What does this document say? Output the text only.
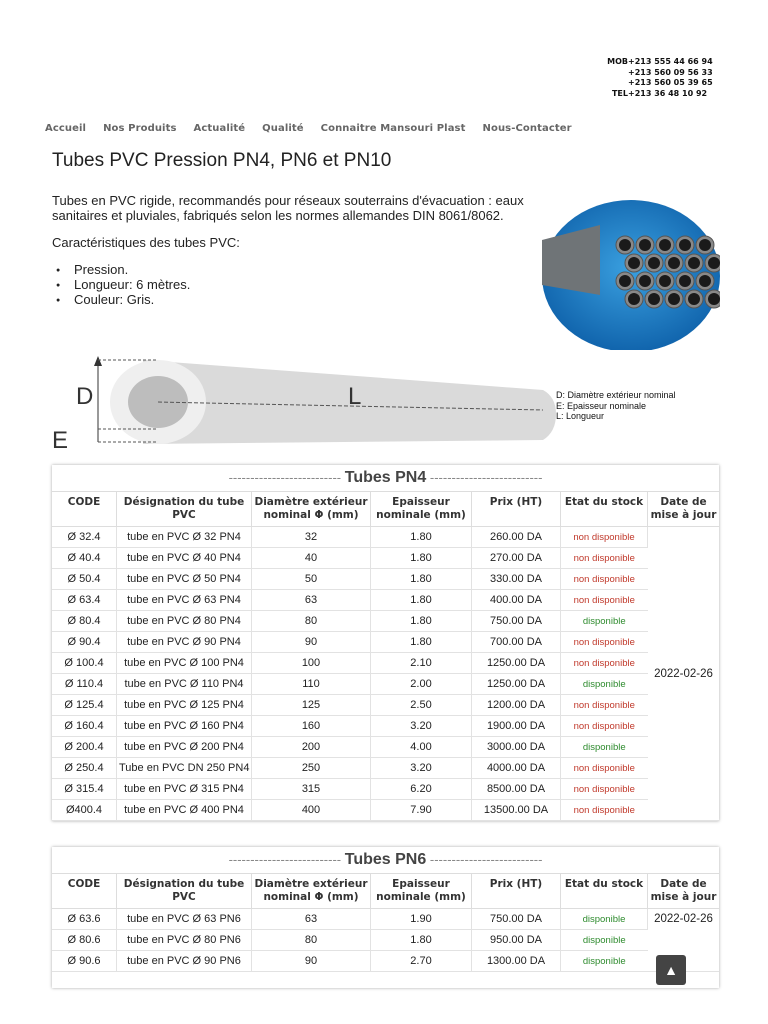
MOB +213 555 44 66 94
+213 560 09 56 33
+213 560 05 39 65
TEL +213 36 48 10 92
Accueil Nos Produits Actualité Qualité Connaitre Mansouri Plast Nous-Contacter
Tubes PVC Pression PN4, PN6 et PN10

Tubes en PVC rigide, recommandés pour réseaux souterrains d'évacuation : eaux sanitaires et pluviales, fabriqués selon les normes allemandes DIN 8061/8062.

Caractéristiques des tubes PVC:

● Pression.
● Longueur: 6 mètres.
● Couleur: Gris.
D
E
L	D: Diamètre extérieur nominal
E: Epaisseur nominale
L: Longueur
-------------------------- Tubes PN4 --------------------------
CODE	Désignation du tube PVC	Diamètre extérieur nominal Φ (mm)	Epaisseur nominale (mm)	Prix (HT)	Etat du stock	Date de mise à jour
Ø 32.4	tube en PVC Ø 32 PN4	32	1.80	260.00 DA	non disponible	2022-02-26
Ø 40.4	tube en PVC Ø 40 PN4	40	1.80	270.00 DA	non disponible	
Ø 50.4	tube en PVC Ø 50 PN4	50	1.80	330.00 DA	non disponible	
Ø 63.4	tube en PVC Ø 63 PN4	63	1.80	400.00 DA	non disponible	
Ø 80.4	tube en PVC Ø 80 PN4	80	1.80	750.00 DA	disponible	
Ø 90.4	tube en PVC Ø 90 PN4	90	1.80	700.00 DA	non disponible	
Ø 100.4	tube en PVC Ø 100 PN4	100	2.10	1250.00 DA	non disponible	
Ø 110.4	tube en PVC Ø 110 PN4	110	2.00	1250.00 DA	disponible	
Ø 125.4	tube en PVC Ø 125 PN4	125	2.50	1200.00 DA	non disponible	
Ø 160.4	tube en PVC Ø 160 PN4	160	3.20	1900.00 DA	non disponible	
Ø 200.4	tube en PVC Ø 200 PN4	200	4.00	3000.00 DA	disponible	
Ø 250.4	Tube en PVC DN 250 PN4	250	3.20	4000.00 DA	non disponible	
Ø 315.4	tube en PVC Ø 315 PN4	315	6.20	8500.00 DA	non disponible	
Ø400.4	tube en PVC Ø 400 PN4	400	7.90	13500.00 DA	non disponible	
-------------------------- Tubes PN6 --------------------------
CODE	Désignation du tube PVC	Diamètre extérieur nominal Φ (mm)	Epaisseur nominale (mm)	Prix (HT)	Etat du stock	Date de mise à jour
Ø 63.6	tube en PVC Ø 63 PN6	63	1.90	750.00 DA	disponible	2022-02-26
Ø 80.6	tube en PVC Ø 80 PN6	80	1.80	950.00 DA	disponible	
Ø 90.6	tube en PVC Ø 90 PN6	90	2.70	1300.00 DA	disponible	
▲
